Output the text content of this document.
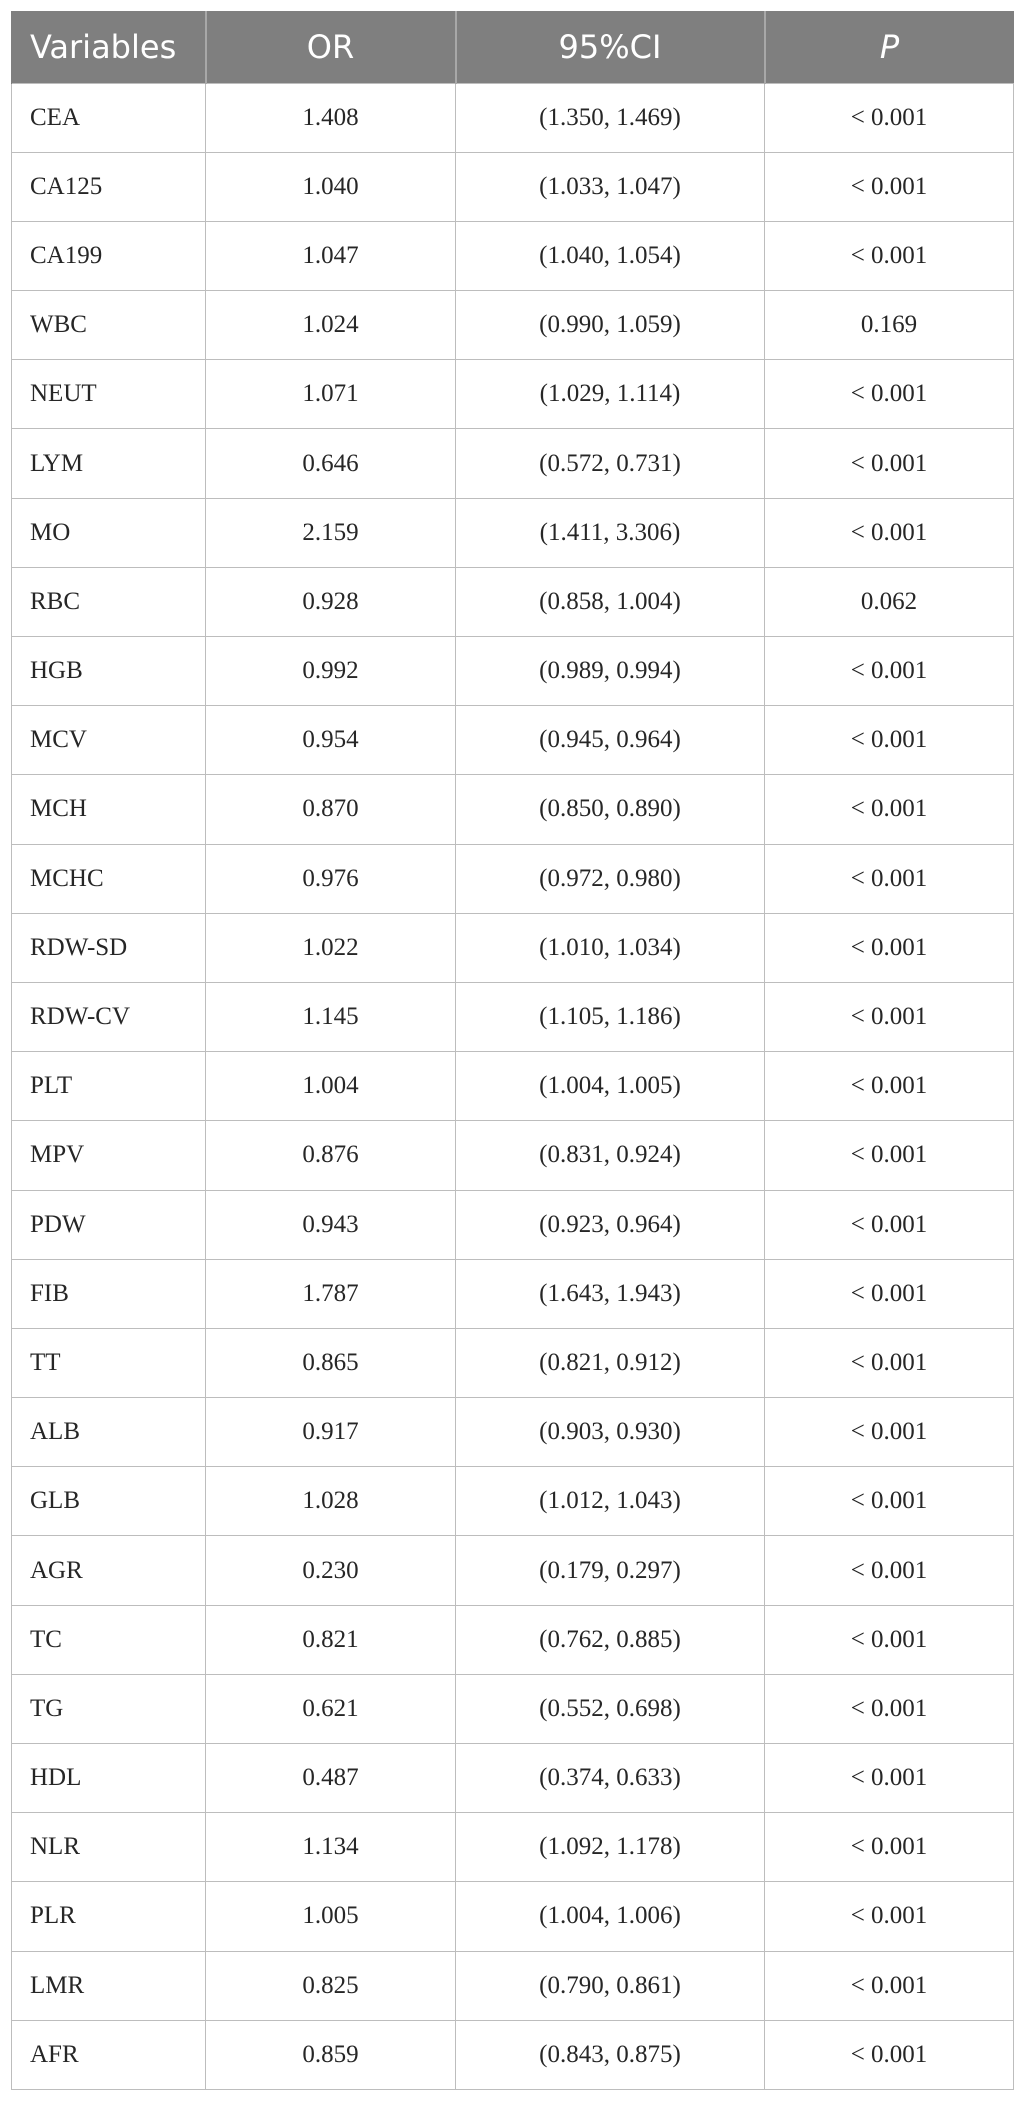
Variables	OR	95%CI	P
CEA	1.408	(1.350, 1.469)	< 0.001
CA125	1.040	(1.033, 1.047)	< 0.001
CA199	1.047	(1.040, 1.054)	< 0.001
WBC	1.024	(0.990, 1.059)	0.169
NEUT	1.071	(1.029, 1.114)	< 0.001
LYM	0.646	(0.572, 0.731)	< 0.001
MO	2.159	(1.411, 3.306)	< 0.001
RBC	0.928	(0.858, 1.004)	0.062
HGB	0.992	(0.989, 0.994)	< 0.001
MCV	0.954	(0.945, 0.964)	< 0.001
MCH	0.870	(0.850, 0.890)	< 0.001
MCHC	0.976	(0.972, 0.980)	< 0.001
RDW-SD	1.022	(1.010, 1.034)	< 0.001
RDW-CV	1.145	(1.105, 1.186)	< 0.001
PLT	1.004	(1.004, 1.005)	< 0.001
MPV	0.876	(0.831, 0.924)	< 0.001
PDW	0.943	(0.923, 0.964)	< 0.001
FIB	1.787	(1.643, 1.943)	< 0.001
TT	0.865	(0.821, 0.912)	< 0.001
ALB	0.917	(0.903, 0.930)	< 0.001
GLB	1.028	(1.012, 1.043)	< 0.001
AGR	0.230	(0.179, 0.297)	< 0.001
TC	0.821	(0.762, 0.885)	< 0.001
TG	0.621	(0.552, 0.698)	< 0.001
HDL	0.487	(0.374, 0.633)	< 0.001
NLR	1.134	(1.092, 1.178)	< 0.001
PLR	1.005	(1.004, 1.006)	< 0.001
LMR	0.825	(0.790, 0.861)	< 0.001
AFR	0.859	(0.843, 0.875)	< 0.001
